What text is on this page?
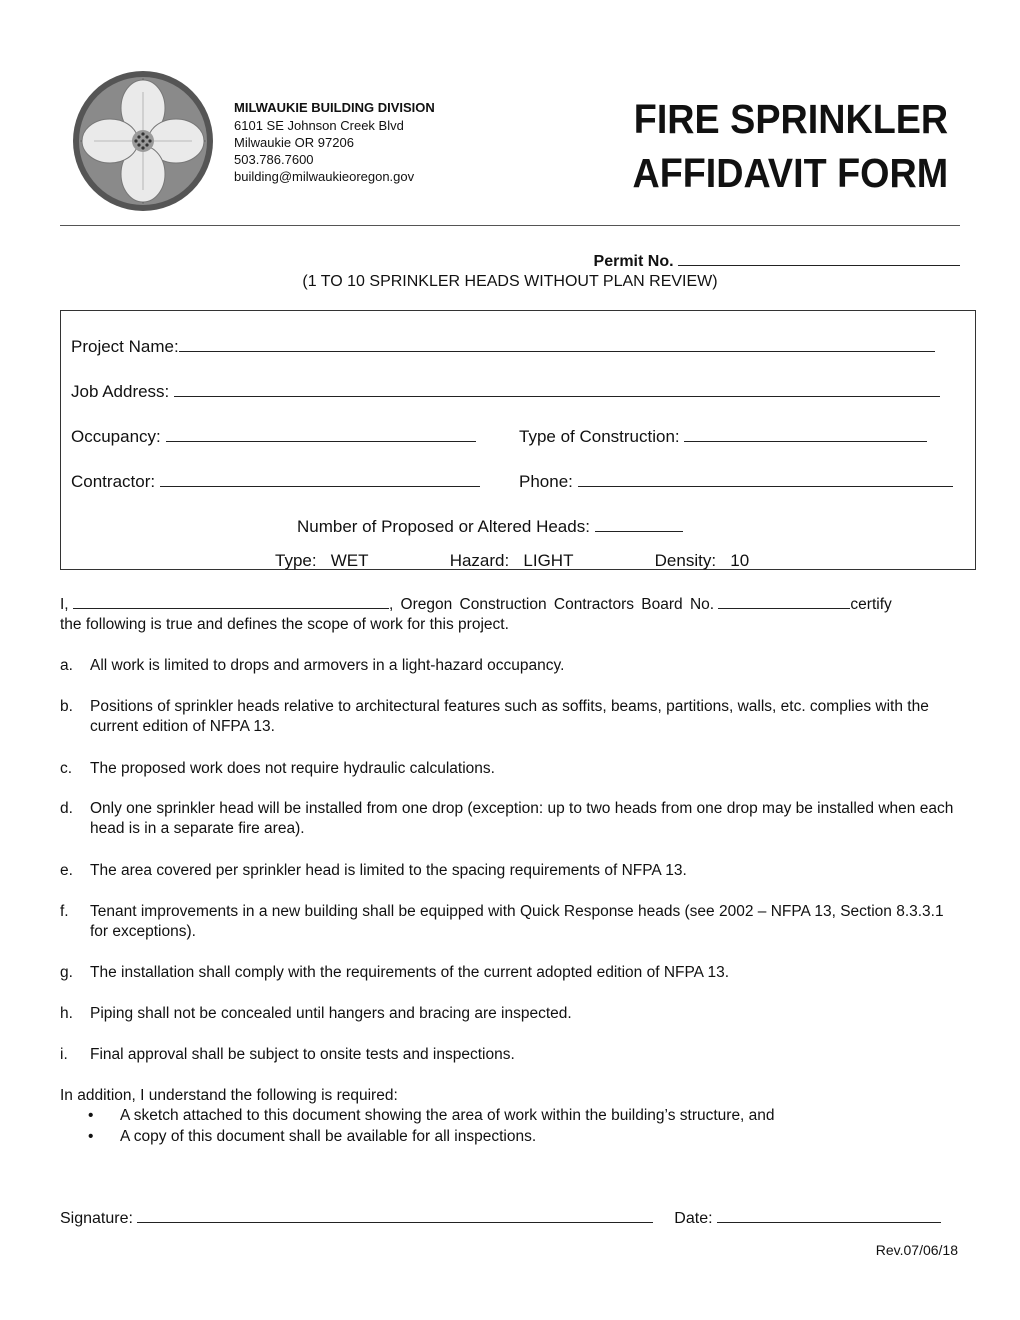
MILWAUKIE BUILDING DIVISION
6101 SE Johnson Creek Blvd
Milwaukie OR 97206
503.786.7600
building@milwaukieoregon.gov
FIRE SPRINKLER
AFFIDAVIT FORM
Permit No.
(1 TO 10 SPRINKLER HEADS WITHOUT PLAN REVIEW)
Project Name:
Job Address:
Occupancy:	Type of Construction:
Contractor:	Phone:
Number of Proposed or Altered Heads:
Type: WET	Hazard: LIGHT	Density: 10
I,	, Oregon Construction Contractors Board No.	certify
the following is true and defines the scope of work for this project.
a. All work is limited to drops and armovers in a light-hazard occupancy.
b. Positions of sprinkler heads relative to architectural features such as soffits, beams, partitions, walls, etc. complies with the current edition of NFPA 13.
c. The proposed work does not require hydraulic calculations.
d. Only one sprinkler head will be installed from one drop (exception: up to two heads from one drop may be installed when each head is in a separate fire area).
e. The area covered per sprinkler head is limited to the spacing requirements of NFPA 13.
f. Tenant improvements in a new building shall be equipped with Quick Response heads (see 2002 – NFPA 13, Section 8.3.3.1 for exceptions).
g. The installation shall comply with the requirements of the current adopted edition of NFPA 13.
h. Piping shall not be concealed until hangers and bracing are inspected.
i. Final approval shall be subject to onsite tests and inspections.
In addition, I understand the following is required:
• A sketch attached to this document showing the area of work within the building’s structure, and
• A copy of this document shall be available for all inspections.
Signature:	Date:
Rev.07/06/18
